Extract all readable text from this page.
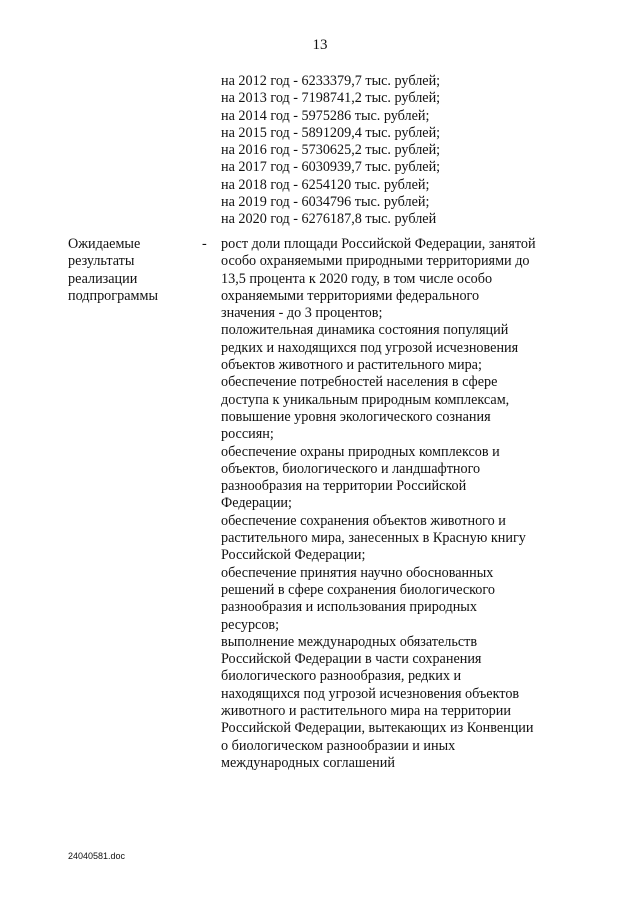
13
на 2012 год - 6233379,7 тыс. рублей;
на 2013 год - 7198741,2 тыс. рублей;
на 2014 год - 5975286 тыс. рублей;
на 2015 год - 5891209,4 тыс. рублей;
на 2016 год - 5730625,2 тыс. рублей;
на 2017 год - 6030939,7 тыс. рублей;
на 2018 год - 6254120 тыс. рублей;
на 2019 год - 6034796 тыс. рублей;
на 2020 год - 6276187,8 тыс. рублей
Ожидаемые
результаты
реализации
подпрограммы
- рост доли площади Российской Федерации, занятой
особо охраняемыми природными территориями до
13,5 процента к 2020 году, в том числе особо
охраняемыми территориями федерального
значения - до 3 процентов;
положительная динамика состояния популяций
редких и находящихся под угрозой исчезновения
объектов животного и растительного мира;
обеспечение потребностей населения в сфере
доступа к уникальным природным комплексам,
повышение уровня экологического сознания
россиян;
обеспечение охраны природных комплексов и
объектов, биологического и ландшафтного
разнообразия на территории Российской
Федерации;
обеспечение сохранения объектов животного и
растительного мира, занесенных в Красную книгу
Российской Федерации;
обеспечение принятия научно обоснованных
решений в сфере сохранения биологического
разнообразия и использования природных
ресурсов;
выполнение международных обязательств
Российской Федерации в части сохранения
биологического разнообразия, редких и
находящихся под угрозой исчезновения объектов
животного и растительного мира на территории
Российской Федерации, вытекающих из Конвенции
о биологическом разнообразии и иных
международных соглашений
24040581.doc
